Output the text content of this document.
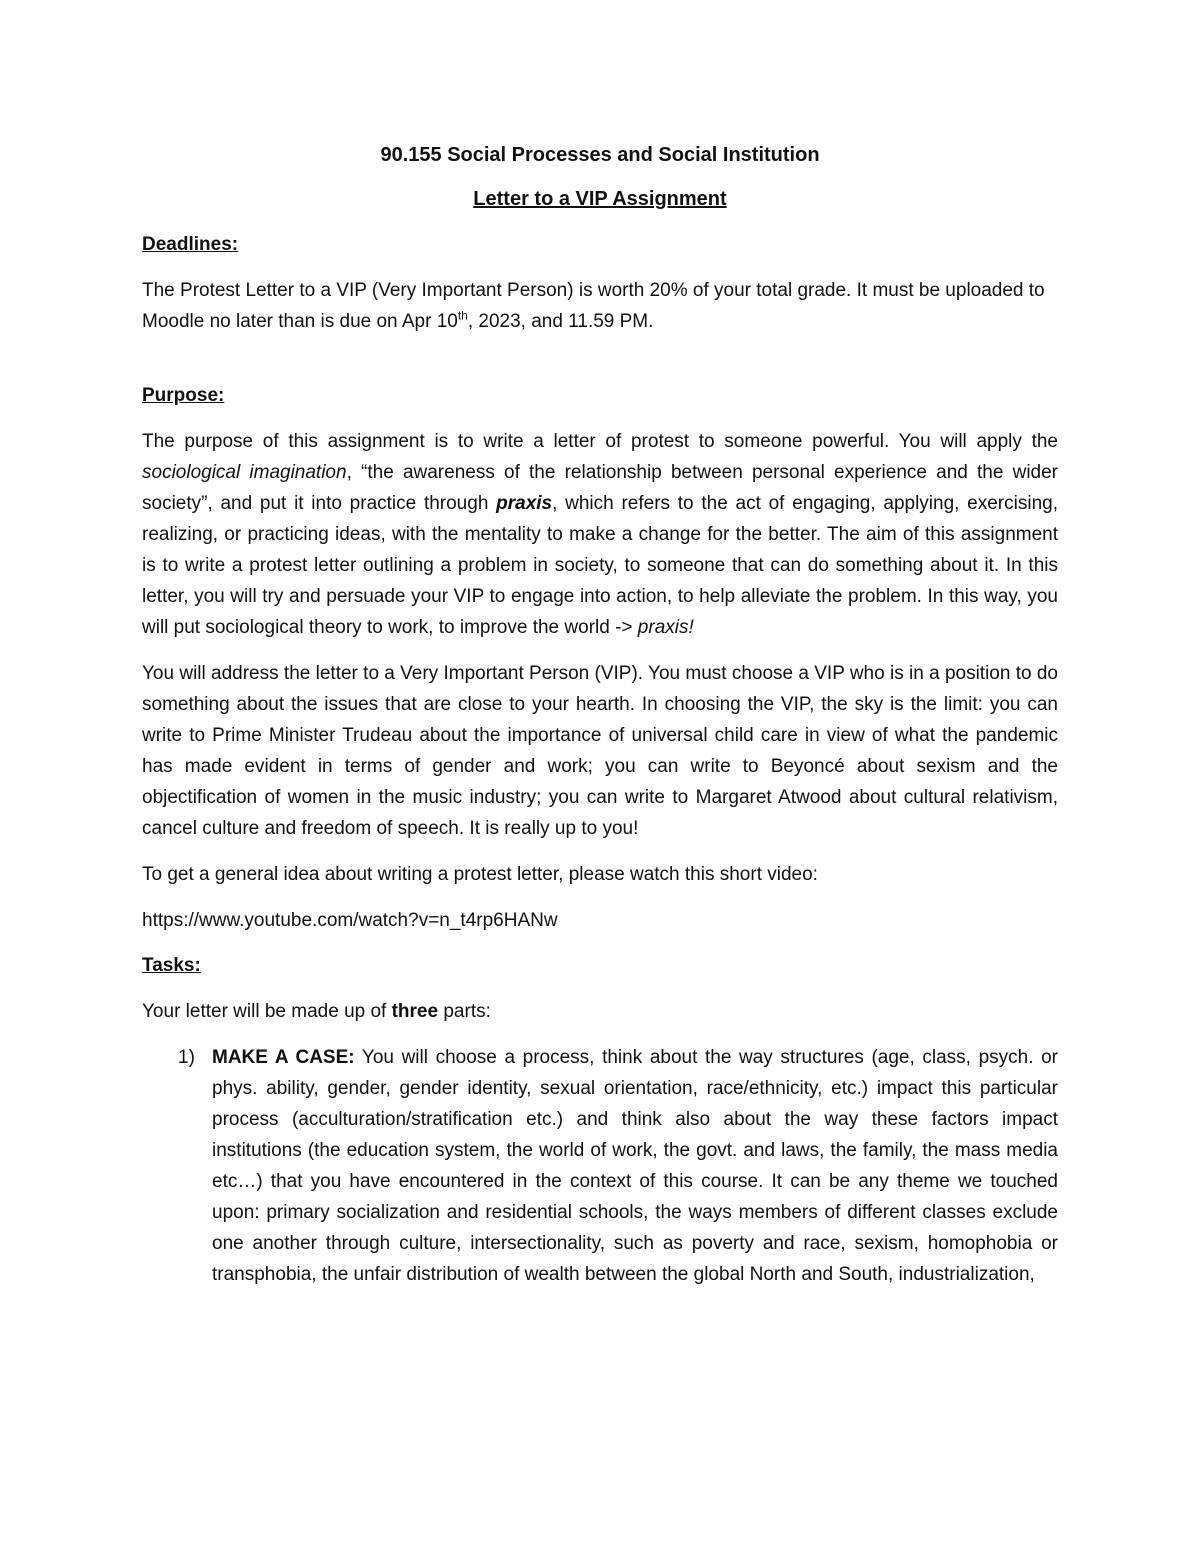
90.155 Social Processes and Social Institution

Letter to a VIP Assignment

Deadlines:

The Protest Letter to a VIP (Very Important Person) is worth 20% of your total grade. It must be uploaded to Moodle no later than is due on Apr 10th, 2023, and 11.59 PM.

Purpose:

The purpose of this assignment is to write a letter of protest to someone powerful. You will apply the sociological imagination, “the awareness of the relationship between personal experience and the wider society”, and put it into practice through praxis, which refers to the act of engaging, applying, exercising, realizing, or practicing ideas, with the mentality to make a change for the better. The aim of this assignment is to write a protest letter outlining a problem in society, to someone that can do something about it. In this letter, you will try and persuade your VIP to engage into action, to help alleviate the problem. In this way, you will put sociological theory to work, to improve the world -> praxis!

You will address the letter to a Very Important Person (VIP). You must choose a VIP who is in a position to do something about the issues that are close to your hearth. In choosing the VIP, the sky is the limit: you can write to Prime Minister Trudeau about the importance of universal child care in view of what the pandemic has made evident in terms of gender and work; you can write to Beyoncé about sexism and the objectification of women in the music industry; you can write to Margaret Atwood about cultural relativism, cancel culture and freedom of speech. It is really up to you!

To get a general idea about writing a protest letter, please watch this short video:

https://www.youtube.com/watch?v=n_t4rp6HANw

Tasks:

Your letter will be made up of three parts:

1) MAKE A CASE: You will choose a process, think about the way structures (age, class, psych. or phys. ability, gender, gender identity, sexual orientation, race/ethnicity, etc.) impact this particular process (acculturation/stratification etc.) and think also about the way these factors impact institutions (the education system, the world of work, the govt. and laws, the family, the mass media etc…) that you have encountered in the context of this course. It can be any theme we touched upon: primary socialization and residential schools, the ways members of different classes exclude one another through culture, intersectionality, such as poverty and race, sexism, homophobia or transphobia, the unfair distribution of wealth between the global North and South, industrialization,
